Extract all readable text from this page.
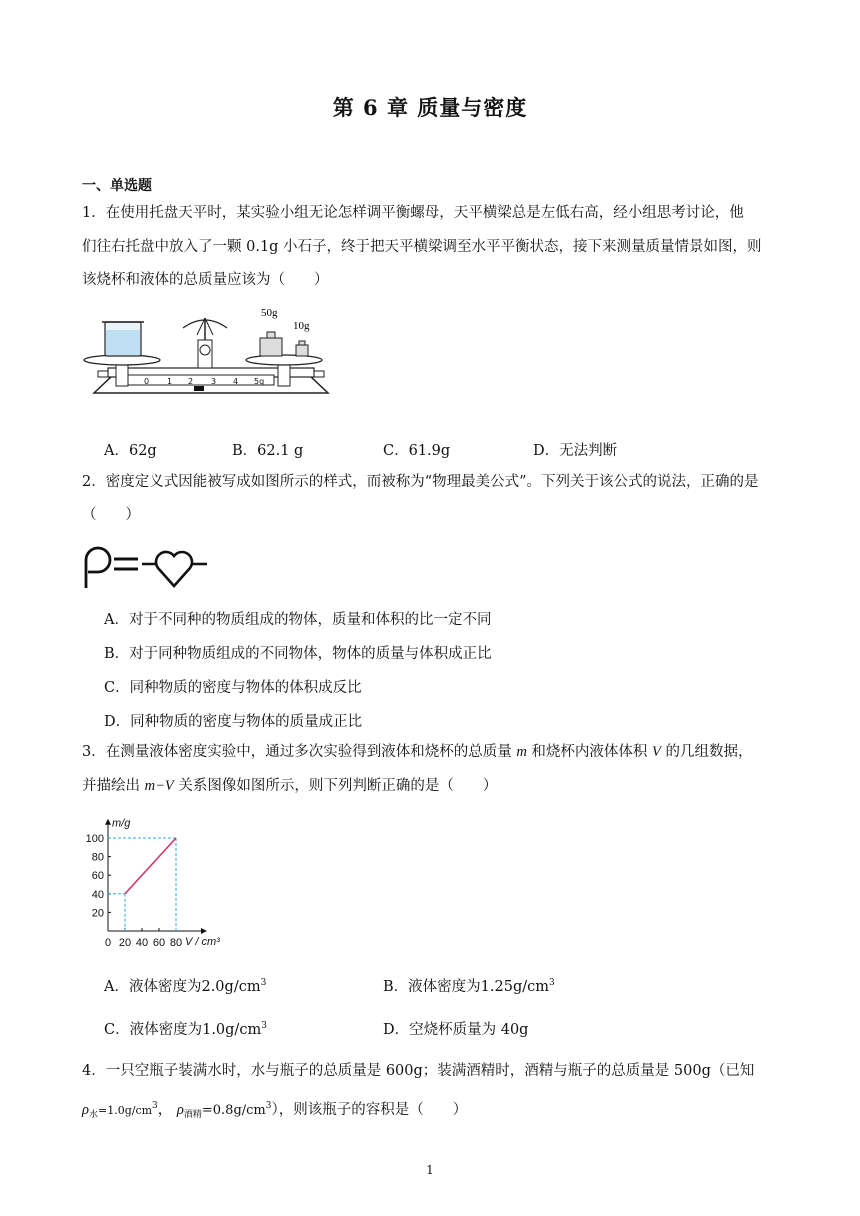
第 6 章 质量与密度
一、单选题
1．在使用托盘天平时，某实验小组无论怎样调平衡螺母，天平横梁总是左低右高，经小组思考讨论，他
们往右托盘中放入了一颗 0.1g 小石子，终于把天平横梁调至水平平衡状态，接下来测量质量情景如图，则
该烧杯和液体的总质量应该为（　　）
0 1 2 3 4 5g
50g
10g
A．62g	B．62.1 g	C．61.9g	D．无法判断
2．密度定义式因能被写成如图所示的样式，而被称为“物理最美公式”。下列关于该公式的说法，正确的是
（　　）
A．对于不同种的物质组成的物体，质量和体积的比一定不同
B．对于同种物质组成的不同物体，物体的质量与体积成正比
C．同种物质的密度与物体的体积成反比
D．同种物质的密度与物体的质量成正比
3．在测量液体密度实验中，通过多次实验得到液体和烧杯的总质量 m 和烧杯内液体体积 V 的几组数据，
并描绘出 m−V 关系图像如图所示，则下列判断正确的是（　　）
0 20 40 60 80
20
40
60
80
100
m/g
V / cm³
A．液体密度为$2.0g/cm^3$	B．液体密度为$1.25g/cm^3$
C．液体密度为$1.0g/cm^3$	D．空烧杯质量为 40g
4．一只空瓶子装满水时，水与瓶子的总质量是 600g；装满酒精时，酒精与瓶子的总质量是 500g（已知
$\rho_水=1.0g/cm^3$， $\rho_{酒精}=0.8g/cm^3$），则该瓶子的容积是（　　）
1
